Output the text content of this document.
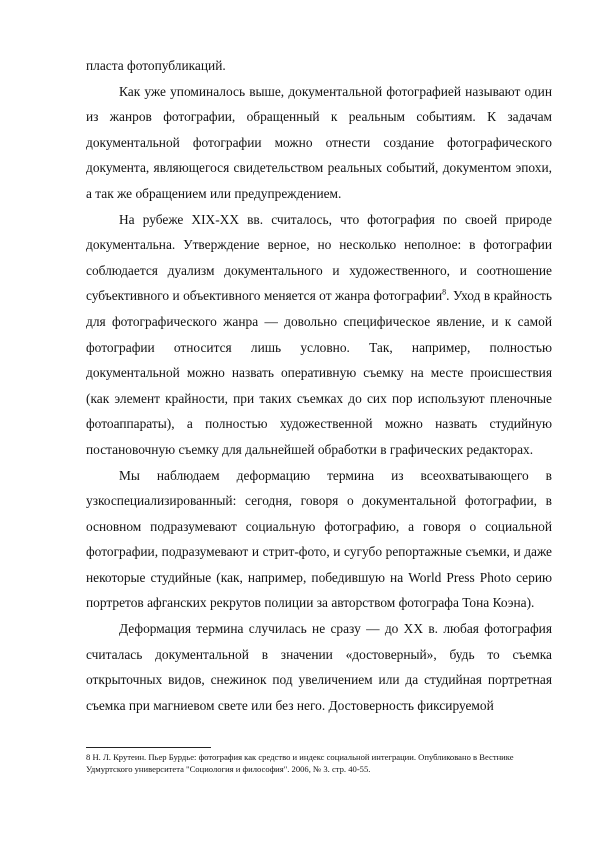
пласта фотопубликаций.

Как уже упоминалось выше, документальной фотографией называют один из жанров фотографии, обращенный к реальным событиям. К задачам документальной фотографии можно отнести создание фотографического документа, являющегося свидетельством реальных событий, документом эпохи, а так же обращением или предупреждением.

На рубеже XIX-XX вв. считалось, что фотография по своей природе документальна. Утверждение верное, но несколько неполное: в фотографии соблюдается дуализм документального и художественного, и соотношение субъективного и объективного меняется от жанра фотографии$^8$. Уход в крайность для фотографического жанра — довольно специфическое явление, и к самой фотографии относится лишь условно. Так, например, полностью документальной можно назвать оперативную съемку на месте происшествия (как элемент крайности, при таких съемках до сих пор используют пленочные фотоаппараты), а полностью художественной можно назвать студийную постановочную съемку для дальнейшей обработки в графических редакторах.

Мы наблюдаем деформацию термина из всеохватывающего в узкоспециализированный: сегодня, говоря о документальной фотографии, в основном подразумевают социальную фотографию, а говоря о социальной фотографии, подразумевают и стрит-фото, и сугубо репортажные съемки, и даже некоторые студийные (как, например, победившую на World Press Photo серию портретов афганских рекрутов полиции за авторством фотографа Тона Коэна).

Деформация термина случилась не сразу — до XX в. любая фотография считалась документальной в значении «достоверный», будь то съемка открыточных видов, снежинок под увеличением или да студийная портретная съемка при магниевом свете или без него. Достоверность фиксируемой

8 Н. Л. Крутеин. Пьер Бурдье: фотография как средство и индекс социальной интеграции. Опубликовано в Вестнике Удмуртского университета "Социология и философия". 2006, № 3. стр. 40-55.
